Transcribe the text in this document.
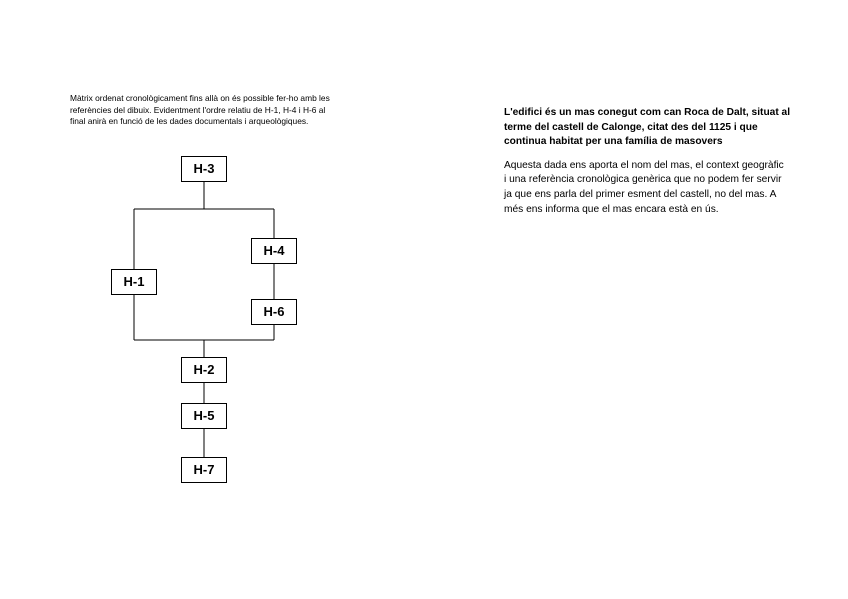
Màtrix ordenat cronològicament fins allà on és possible fer-ho amb les

referències del dibuix. Evidentment l'ordre relatiu de H-1, H-4 i H-6 al

final anirà en funció de les dades documentals i arqueològiques.

H-3
H-4
H-1
H-6
H-2
H-5
H-7

L'edifici és un mas conegut com can Roca de Dalt, situat al

terme del castell de Calonge, citat des del 1125 i que

continua habitat per una família de masovers

Aquesta dada ens aporta el nom del mas, el context geogràfic

i una referència cronològica genèrica que no podem fer servir

ja que ens parla del primer esment del castell, no del mas. A

més ens informa que el mas encara està en ús.
